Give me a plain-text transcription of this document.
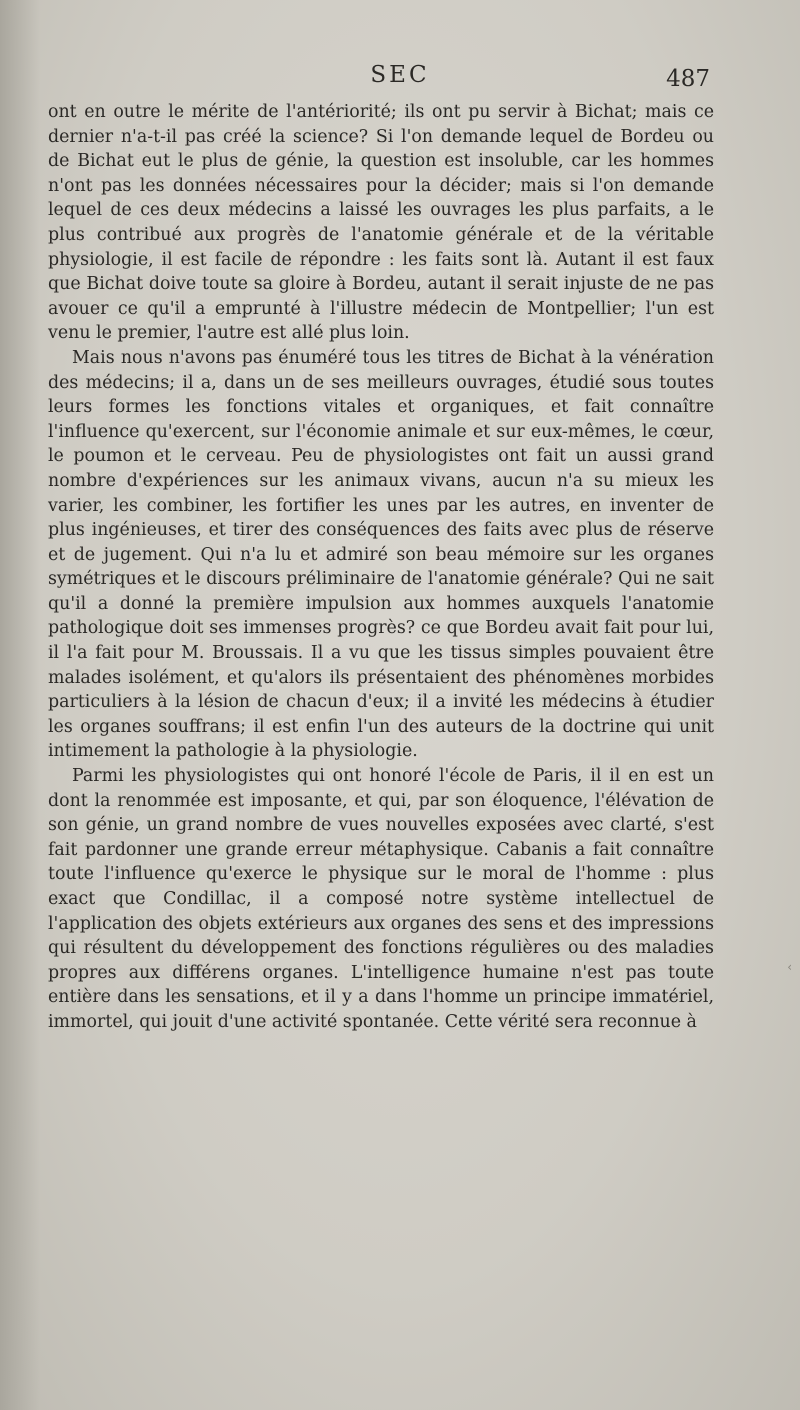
SEC	487

ont en outre le mérite de l'antériorité; ils ont pu servir à Bichat; mais ce dernier n'a-t-il pas créé la science? Si l'on demande lequel de Bordeu ou de Bichat eut le plus de génie, la question est insoluble, car les hommes n'ont pas les données nécessaires pour la décider; mais si l'on demande lequel de ces deux médecins a laissé les ouvrages les plus parfaits, a le plus contribué aux progrès de l'anatomie générale et de la véritable physiologie, il est facile de répondre : les faits sont là. Autant il est faux que Bichat doive toute sa gloire à Bordeu, autant il serait injuste de ne pas avouer ce qu'il a emprunté à l'illustre médecin de Montpellier; l'un est venu le premier, l'autre est allé plus loin.

Mais nous n'avons pas énuméré tous les titres de Bichat à la vénération des médecins; il a, dans un de ses meilleurs ouvrages, étudié sous toutes leurs formes les fonctions vitales et organiques, et fait connaître l'influence qu'exercent, sur l'économie animale et sur eux-mêmes, le cœur, le poumon et le cerveau. Peu de physiologistes ont fait un aussi grand nombre d'expériences sur les animaux vivans, aucun n'a su mieux les varier, les combiner, les fortifier les unes par les autres, en inventer de plus ingénieuses, et tirer des conséquences des faits avec plus de réserve et de jugement. Qui n'a lu et admiré son beau mémoire sur les organes symétriques et le discours préliminaire de l'anatomie générale? Qui ne sait qu'il a donné la première impulsion aux hommes auxquels l'anatomie pathologique doit ses immenses progrès? ce que Bordeu avait fait pour lui, il l'a fait pour M. Broussais. Il a vu que les tissus simples pouvaient être malades isolément, et qu'alors ils présentaient des phénomènes morbides particuliers à la lésion de chacun d'eux; il a invité les médecins à étudier les organes souffrans; il est enfin l'un des auteurs de la doctrine qui unit intimement la pathologie à la physiologie.

Parmi les physiologistes qui ont honoré l'école de Paris, il il en est un dont la renommée est imposante, et qui, par son éloquence, l'élévation de son génie, un grand nombre de vues nouvelles exposées avec clarté, s'est fait pardonner une grande erreur métaphysique. Cabanis a fait connaître toute l'influence qu'exerce le physique sur le moral de l'homme : plus exact que Condillac, il a composé notre système intellectuel de l'application des objets extérieurs aux organes des sens et des impressions qui résultent du développement des fonctions régulières ou des maladies propres aux différens organes. L'intelligence humaine n'est pas toute entière dans les sensations, et il y a dans l'homme un principe immatériel, immortel, qui jouit d'une activité spontanée. Cette vérité sera reconnue à

‹
